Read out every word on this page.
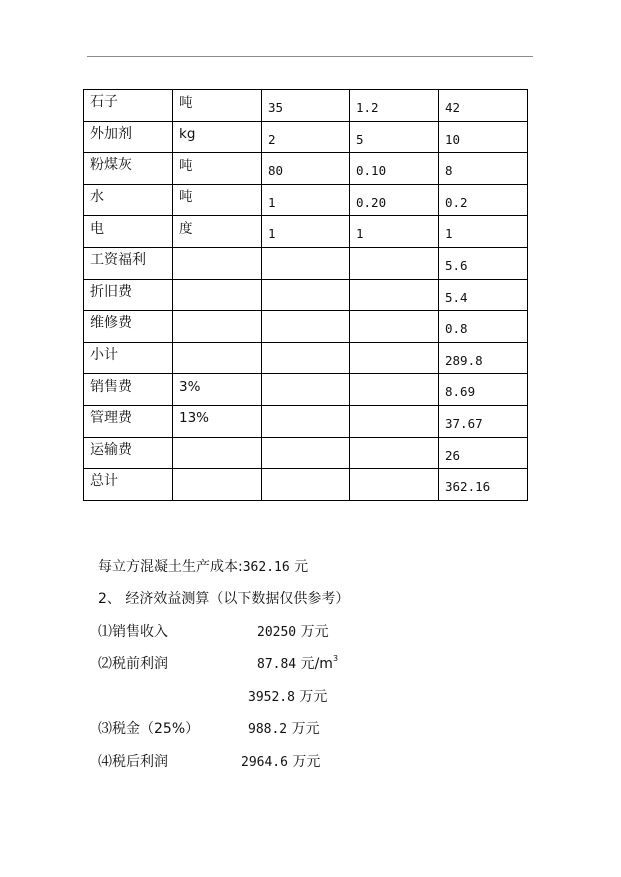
石子	吨	35	1.2	42
外加剂	kg	2	5	10
粉煤灰	吨	80	0.10	8
水	吨	1	0.20	0.2
电	度	1	1	1
工资福利				5.6
折旧费				5.4
维修费				0.8
小计				289.8
销售费	3%			8.69
管理费	13%			37.67
运输费				26
总计				362.16
每立方混凝土生产成本:362.16 元
2、 经济效益测算（以下数据仅供参考）
⑴销售收入	20250 万元
⑵税前利润	87.84 元$/m^3$
3952.8 万元
⑶税金（25%）	988.2 万元
⑷税后利润	2964.6 万元
